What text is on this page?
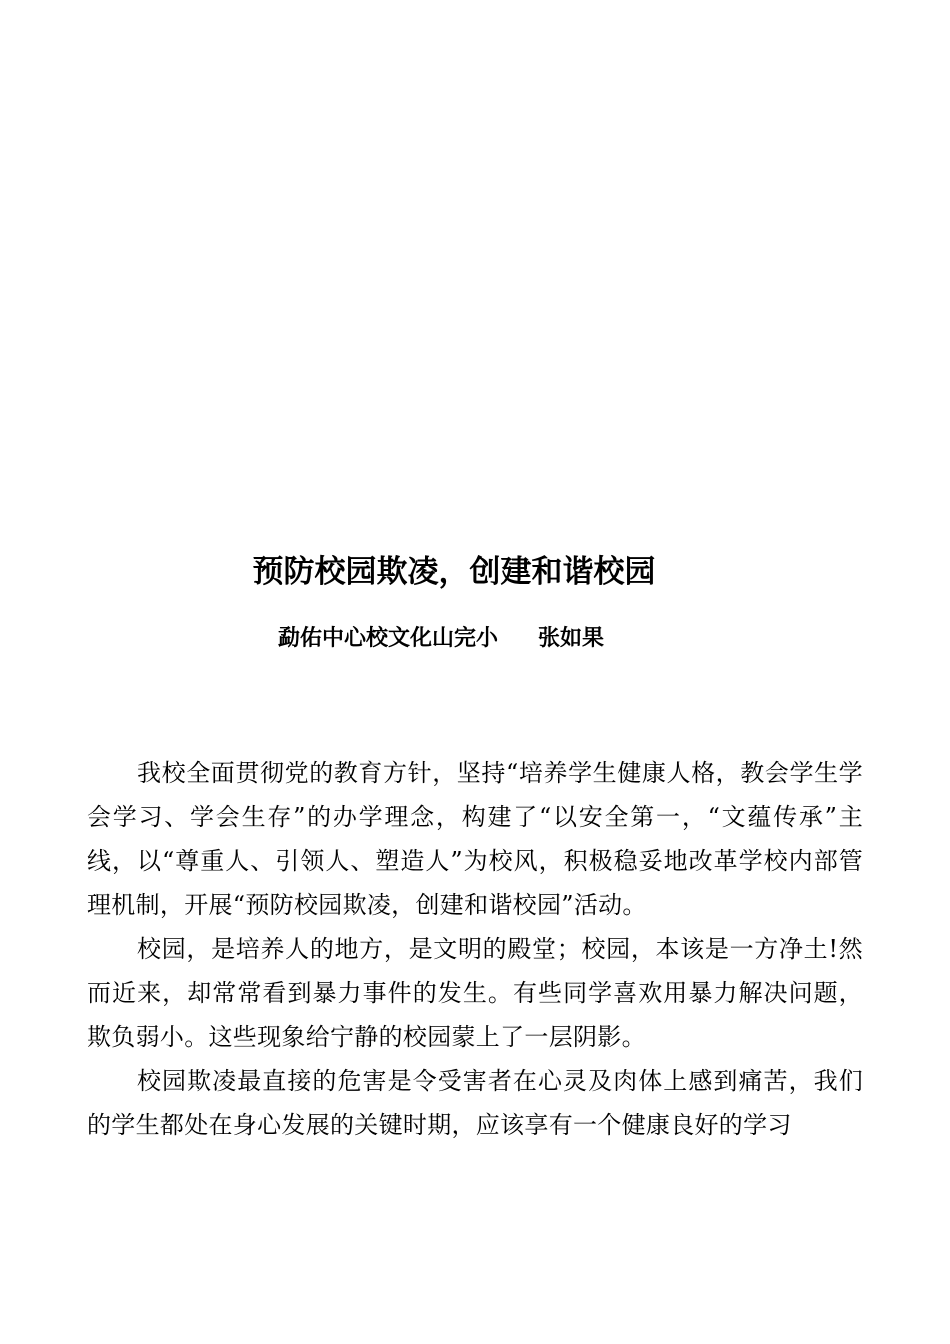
预防校园欺凌，创建和谐校园
勐佑中心校文化山完小 张如果

我校全面贯彻党的教育方针，坚持“培养学生健康人格，教会学生学会学习、学会生存”的办学理念，构建了“以安全第一，“文蕴传承”主线，以“尊重人、引领人、塑造人”为校风，积极稳妥地改革学校内部管理机制，开展“预防校园欺凌，创建和谐校园”活动。

校园，是培养人的地方，是文明的殿堂；校园，本该是一方净土!然而近来，却常常看到暴力事件的发生。有些同学喜欢用暴力解决问题，欺负弱小。这些现象给宁静的校园蒙上了一层阴影。

校园欺凌最直接的危害是令受害者在心灵及肉体上感到痛苦，我们的学生都处在身心发展的关键时期，应该享有一个健康良好的学习
